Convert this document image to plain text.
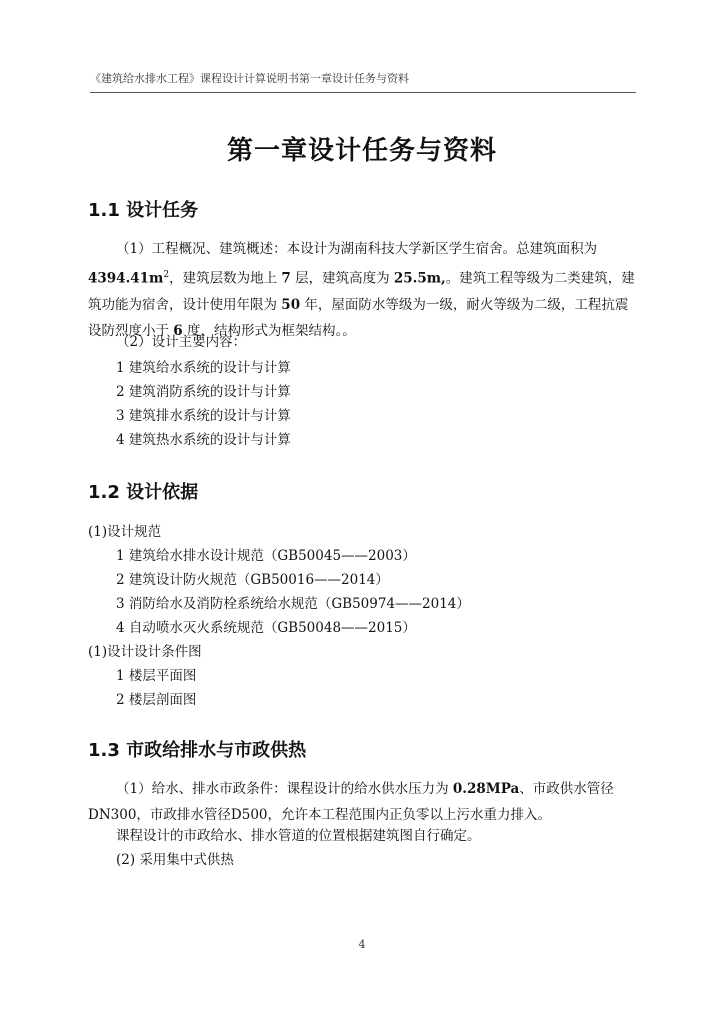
《建筑给水排水工程》课程设计计算说明书第一章设计任务与资料
第一章设计任务与资料
1.1 设计任务
（1）工程概况、建筑概述：本设计为湖南科技大学新区学生宿舍。总建筑面积为$4394.41m^2$，建筑层数为地上 7 层，建筑高度为 25.5m,。建筑工程等级为二类建筑，建筑功能为宿舍，设计使用年限为 50 年，屋面防水等级为一级，耐火等级为二级，工程抗震设防烈度小于 6 度，结构形式为框架结构。。
（2）设计主要内容：
1 建筑给水系统的设计与计算
2 建筑消防系统的设计与计算
3 建筑排水系统的设计与计算
4 建筑热水系统的设计与计算
1.2 设计依据
(1)设计规范
1 建筑给水排水设计规范（GB50045——2003）
2 建筑设计防火规范（GB50016——2014）
3 消防给水及消防栓系统给水规范（GB50974——2014）
4 自动喷水灭火系统规范（GB50048——2015）
(1)设计设计条件图
1 楼层平面图
2 楼层剖面图
1.3 市政给排水与市政供热
（1）给水、排水市政条件：课程设计的给水供水压力为 0.28MPa、市政供水管径DN300，市政排水管径D500，允许本工程范围内正负零以上污水重力排入。
课程设计的市政给水、排水管道的位置根据建筑图自行确定。
(2) 采用集中式供热
4
